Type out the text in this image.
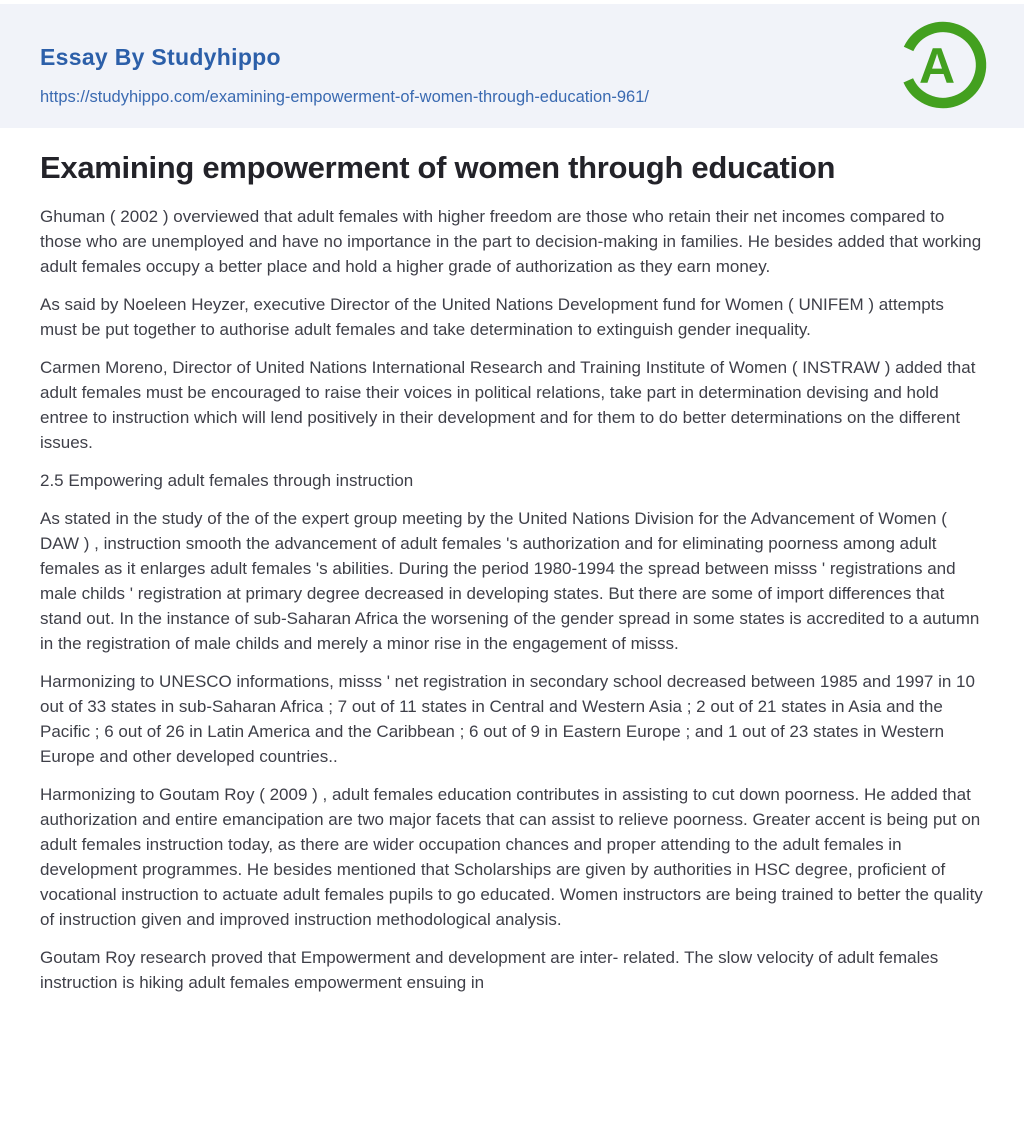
Essay By Studyhippo
https://studyhippo.com/examining-empowerment-of-women-through-education-961/
A
Examining empowerment of women through education

Ghuman ( 2002 ) overviewed that adult females with higher freedom are those who retain their net incomes compared to those who are unemployed and have no importance in the part to decision-making in families. He besides added that working adult females occupy a better place and hold a higher grade of authorization as they earn money.

As said by Noeleen Heyzer, executive Director of the United Nations Development fund for Women ( UNIFEM ) attempts must be put together to authorise adult females and take determination to extinguish gender inequality.

Carmen Moreno, Director of United Nations International Research and Training Institute of Women ( INSTRAW ) added that adult females must be encouraged to raise their voices in political relations, take part in determination devising and hold entree to instruction which will lend positively in their development and for them to do better determinations on the different issues.

2.5 Empowering adult females through instruction

As stated in the study of the of the expert group meeting by the United Nations Division for the Advancement of Women ( DAW ) , instruction smooth the advancement of adult females 's authorization and for eliminating poorness among adult females as it enlarges adult females 's abilities. During the period 1980-1994 the spread between misss ' registrations and male childs ' registration at primary degree decreased in developing states. But there are some of import differences that stand out. In the instance of sub-Saharan Africa the worsening of the gender spread in some states is accredited to a autumn in the registration of male childs and merely a minor rise in the engagement of misss.

Harmonizing to UNESCO informations, misss ' net registration in secondary school decreased between 1985 and 1997 in 10 out of 33 states in sub-Saharan Africa ; 7 out of 11 states in Central and Western Asia ; 2 out of 21 states in Asia and the Pacific ; 6 out of 26 in Latin America and the Caribbean ; 6 out of 9 in Eastern Europe ; and 1 out of 23 states in Western Europe and other developed countries..

Harmonizing to Goutam Roy ( 2009 ) , adult females education contributes in assisting to cut down poorness. He added that authorization and entire emancipation are two major facets that can assist to relieve poorness. Greater accent is being put on adult females instruction today, as there are wider occupation chances and proper attending to the adult females in development programmes. He besides mentioned that Scholarships are given by authorities in HSC degree, proficient of vocational instruction to actuate adult females pupils to go educated. Women instructors are being trained to better the quality of instruction given and improved instruction methodological analysis.

Goutam Roy research proved that Empowerment and development are inter- related. The slow velocity of adult females instruction is hiking adult females empowerment ensuing in
